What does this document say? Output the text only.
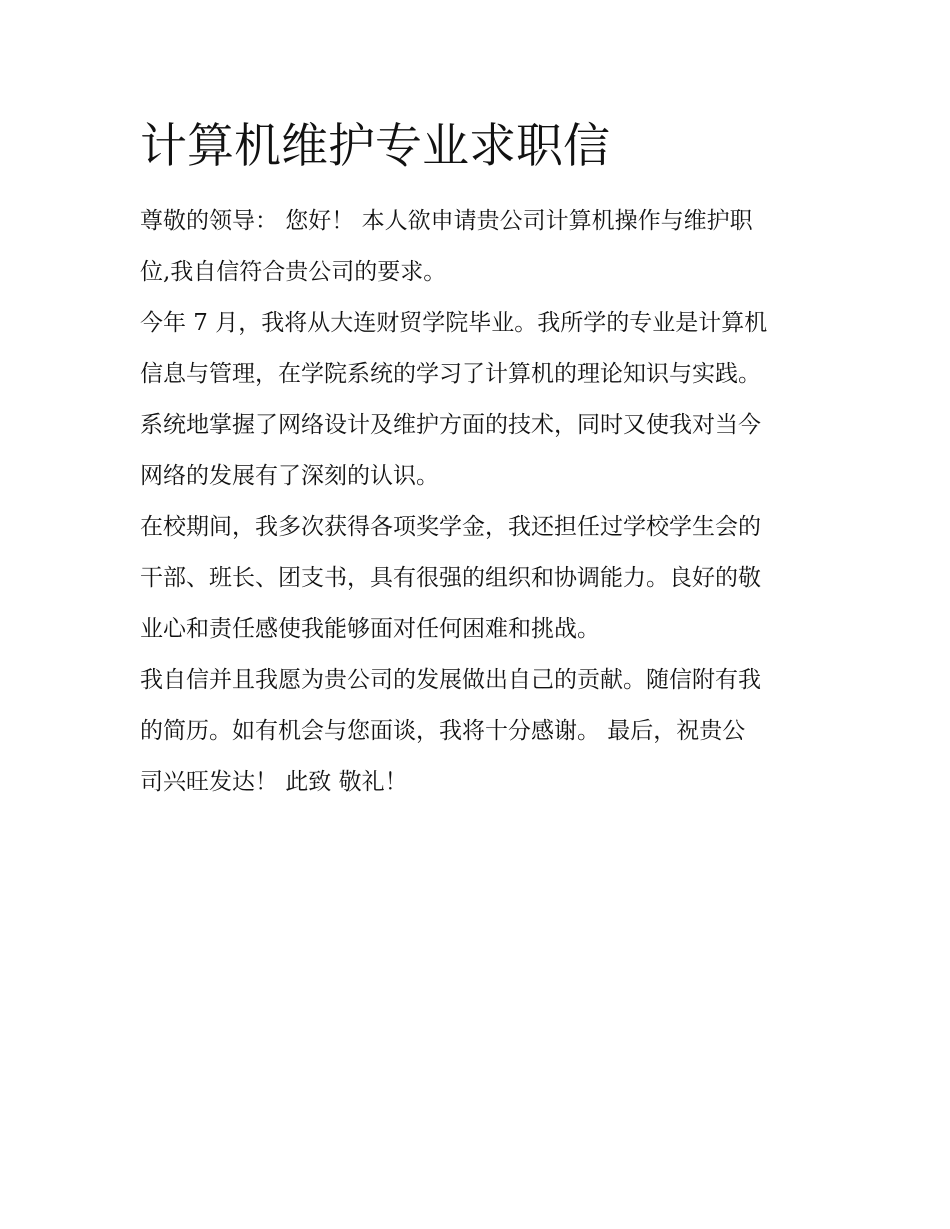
计算机维护专业求职信

尊敬的领导： 您好！ 本人欲申请贵公司计算机操作与维护职
位,我自信符合贵公司的要求。

今年 7 月，我将从大连财贸学院毕业。我所学的专业是计算机
信息与管理，在学院系统的学习了计算机的理论知识与实践。
系统地掌握了网络设计及维护方面的技术，同时又使我对当今
网络的发展有了深刻的认识。

在校期间，我多次获得各项奖学金，我还担任过学校学生会的
干部、班长、团支书，具有很强的组织和协调能力。良好的敬
业心和责任感使我能够面对任何困难和挑战。

我自信并且我愿为贵公司的发展做出自己的贡献。随信附有我
的简历。如有机会与您面谈，我将十分感谢。 最后，祝贵公
司兴旺发达！ 此致 敬礼！
